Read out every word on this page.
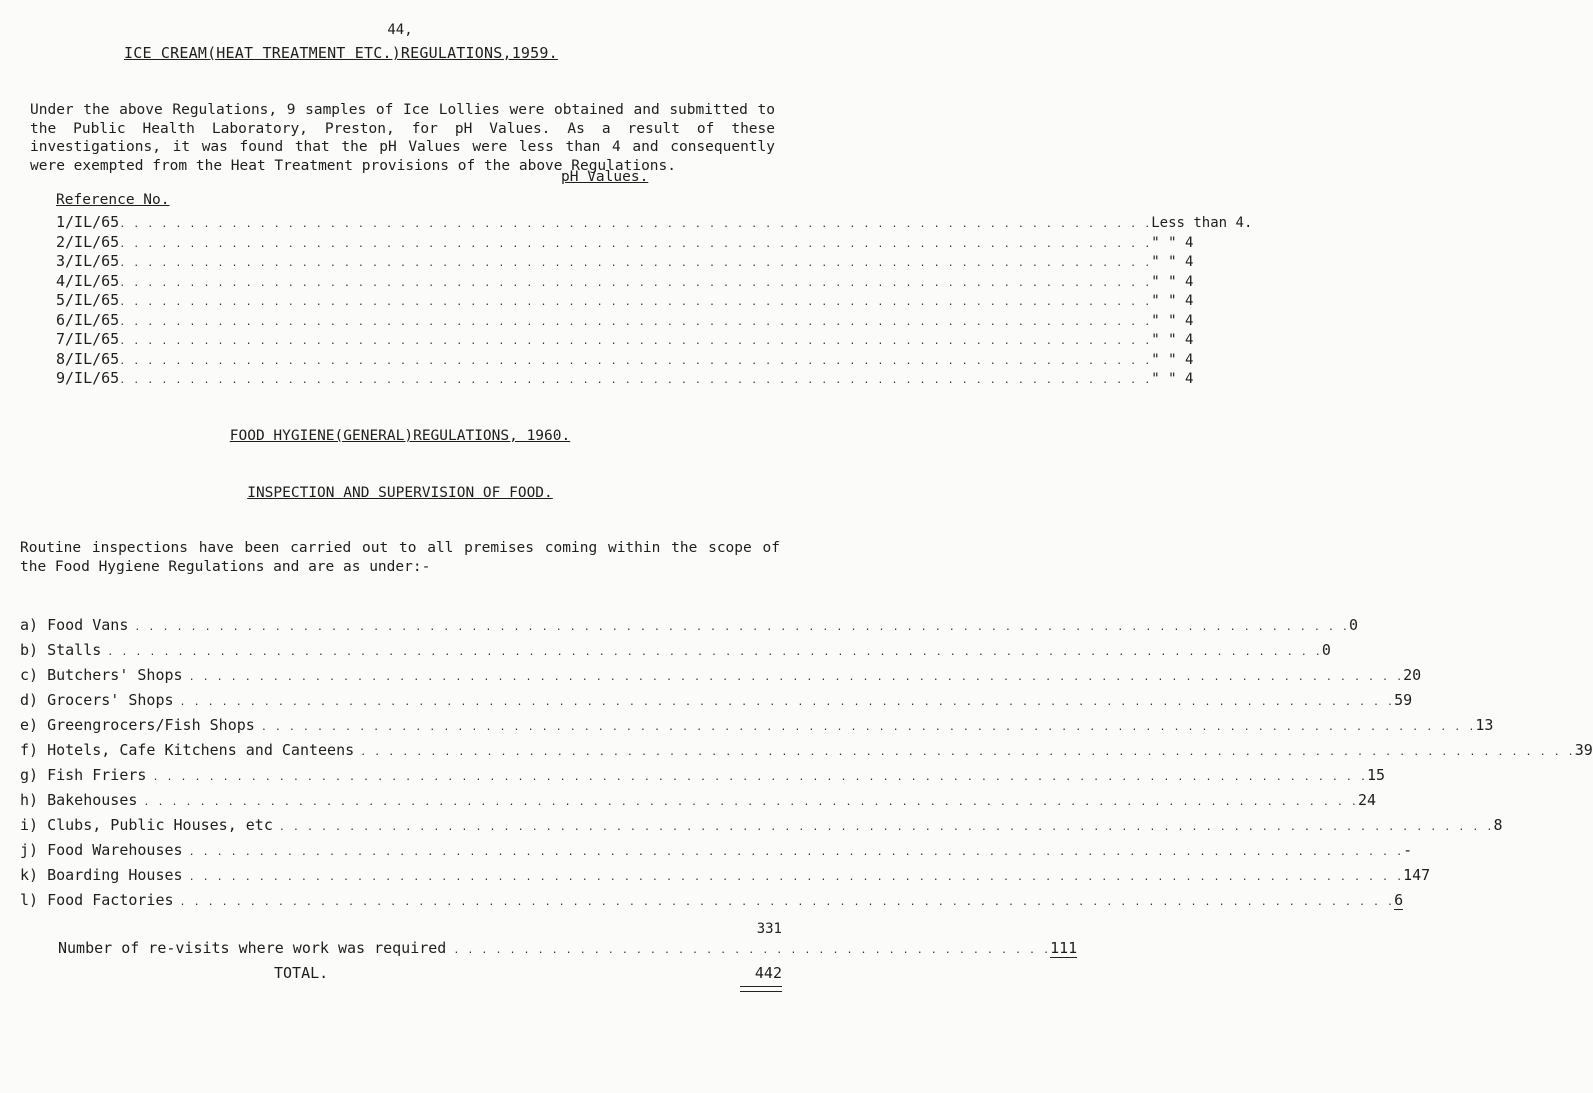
44,
ICE CREAM(HEAT TREATMENT ETC.)REGULATIONS,1959.
Under the above Regulations, 9 samples of Ice Lollies were obtained and submitted to the Public Health Laboratory, Preston, for pH Values. As a result of these investigations, it was found that the pH Values were less than 4 and consequently were exempted from the Heat Treatment provisions of the above Regulations.
pH Values.
Reference No.
1/IL/65 . . . . . . . . . . . . . . . . . . . . . . . . . . . . . . . . . . . . . . . . . . . . . . . . . . . . . . . . . . . . . . . . . . . . . . . . . . Less than 4.
2/IL/65 . . . . . . . . . . . . . . . . . . . . . . . . . . . . . . . . . . . . . . . . . . . . . . . . . . . . . . . . . . . . . . . . . . . . . . . . . . " " 4
3/IL/65 . . . . . . . . . . . . . . . . . . . . . . . . . . . . . . . . . . . . . . . . . . . . . . . . . . . . . . . . . . . . . . . . . . . . . . . . . . " " 4
4/IL/65 . . . . . . . . . . . . . . . . . . . . . . . . . . . . . . . . . . . . . . . . . . . . . . . . . . . . . . . . . . . . . . . . . . . . . . . . . . " " 4
5/IL/65 . . . . . . . . . . . . . . . . . . . . . . . . . . . . . . . . . . . . . . . . . . . . . . . . . . . . . . . . . . . . . . . . . . . . . . . . . . " " 4
6/IL/65 . . . . . . . . . . . . . . . . . . . . . . . . . . . . . . . . . . . . . . . . . . . . . . . . . . . . . . . . . . . . . . . . . . . . . . . . . . " " 4
7/IL/65 . . . . . . . . . . . . . . . . . . . . . . . . . . . . . . . . . . . . . . . . . . . . . . . . . . . . . . . . . . . . . . . . . . . . . . . . . . " " 4
8/IL/65 . . . . . . . . . . . . . . . . . . . . . . . . . . . . . . . . . . . . . . . . . . . . . . . . . . . . . . . . . . . . . . . . . . . . . . . . . . " " 4
9/IL/65 . . . . . . . . . . . . . . . . . . . . . . . . . . . . . . . . . . . . . . . . . . . . . . . . . . . . . . . . . . . . . . . . . . . . . . . . . . " " 4
FOOD HYGIENE(GENERAL)REGULATIONS, 1960.
INSPECTION AND SUPERVISION OF FOOD.
Routine inspections have been carried out to all premises coming within the scope of the Food Hygiene Regulations and are as under:-
a) Food Vans . . . . . . . . . . . . . . . . . . . . . . . . . . . . . . . . . . . . . . . . . . . . . . . . . . . . . . . . . . . . . . . . . . . . . . . . . . . . . . . . . . . . . . . 0
b) Stalls . . . . . . . . . . . . . . . . . . . . . . . . . . . . . . . . . . . . . . . . . . . . . . . . . . . . . . . . . . . . . . . . . . . . . . . . . . . . . . . . . . . . . . . 0
c) Butchers' Shops . . . . . . . . . . . . . . . . . . . . . . . . . . . . . . . . . . . . . . . . . . . . . . . . . . . . . . . . . . . . . . . . . . . . . . . . . . . . . . . . . . . . . . . 20
d) Grocers' Shops . . . . . . . . . . . . . . . . . . . . . . . . . . . . . . . . . . . . . . . . . . . . . . . . . . . . . . . . . . . . . . . . . . . . . . . . . . . . . . . . . . . . . . . 59
e) Greengrocers/Fish Shops . . . . . . . . . . . . . . . . . . . . . . . . . . . . . . . . . . . . . . . . . . . . . . . . . . . . . . . . . . . . . . . . . . . . . . . . . . . . . . . . . . . . . . . 13
f) Hotels, Cafe Kitchens and Canteens . . . . . . . . . . . . . . . . . . . . . . . . . . . . . . . . . . . . . . . . . . . . . . . . . . . . . . . . . . . . . . . . . . . . . . . . . . . . . . . . . . . . . . . 39
g) Fish Friers . . . . . . . . . . . . . . . . . . . . . . . . . . . . . . . . . . . . . . . . . . . . . . . . . . . . . . . . . . . . . . . . . . . . . . . . . . . . . . . . . . . . . . . 15
h) Bakehouses . . . . . . . . . . . . . . . . . . . . . . . . . . . . . . . . . . . . . . . . . . . . . . . . . . . . . . . . . . . . . . . . . . . . . . . . . . . . . . . . . . . . . . . 24
i) Clubs, Public Houses, etc . . . . . . . . . . . . . . . . . . . . . . . . . . . . . . . . . . . . . . . . . . . . . . . . . . . . . . . . . . . . . . . . . . . . . . . . . . . . . . . . . . . . . . . 8
j) Food Warehouses . . . . . . . . . . . . . . . . . . . . . . . . . . . . . . . . . . . . . . . . . . . . . . . . . . . . . . . . . . . . . . . . . . . . . . . . . . . . . . . . . . . . . . . -
k) Boarding Houses . . . . . . . . . . . . . . . . . . . . . . . . . . . . . . . . . . . . . . . . . . . . . . . . . . . . . . . . . . . . . . . . . . . . . . . . . . . . . . . . . . . . . . . 147
l) Food Factories . . . . . . . . . . . . . . . . . . . . . . . . . . . . . . . . . . . . . . . . . . . . . . . . . . . . . . . . . . . . . . . . . . . . . . . . . . . . . . . . . . . . . . . 6
331
Number of re-visits where work was required . . . . . . . . . . . . . . . . . . . . . . . . . . . . . . . . . . . . . . . . . . . 111
TOTAL.	442
